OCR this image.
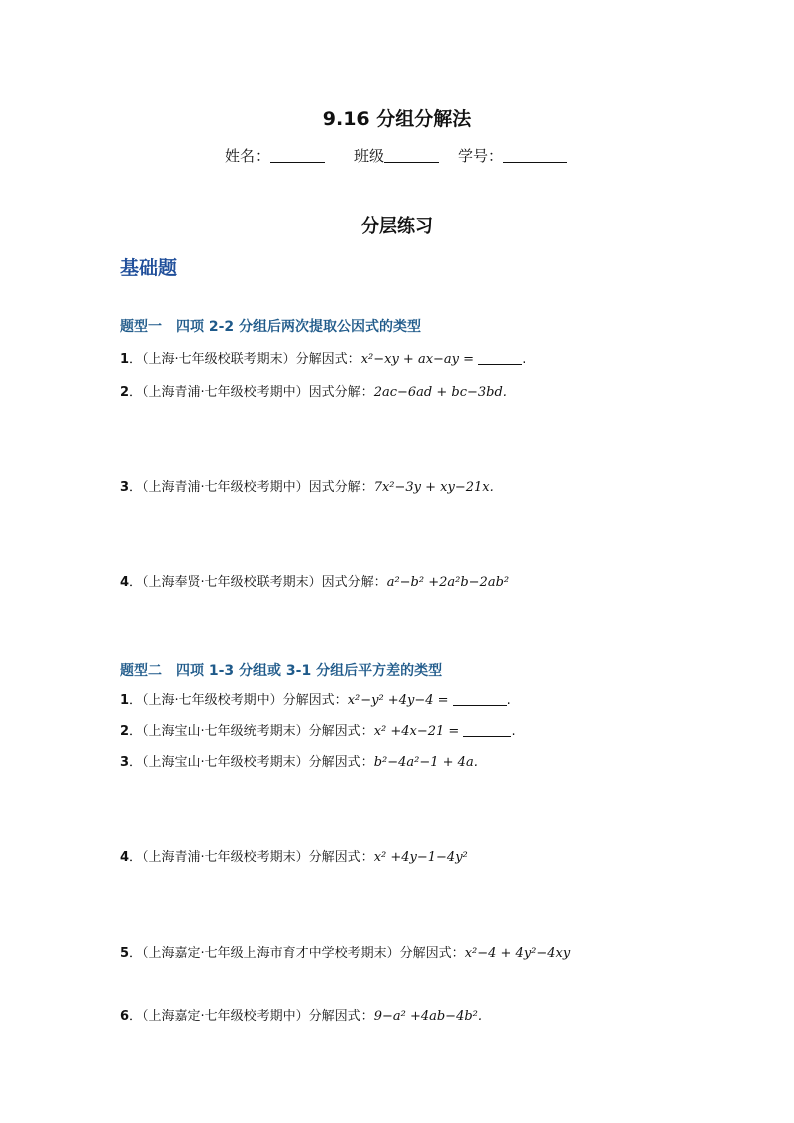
9.16 分组分解法
姓名：	班级	学号：
分层练习
基础题
题型一　四项 2-2 分组后两次提取公因式的类型
1．（上海·七年级校联考期末）分解因式：x²−xy + ax−ay =	.
2．（上海青浦·七年级校考期中）因式分解：2ac−6ad + bc−3bd.
3．（上海青浦·七年级校考期中）因式分解：7x²−3y + xy−21x.
4．（上海奉贤·七年级校联考期末）因式分解：a²−b² +2a²b−2ab²
题型二　四项 1-3 分组或 3-1 分组后平方差的类型
1．（上海·七年级校考期中）分解因式：x²−y² +4y−4 =	.
2．（上海宝山·七年级统考期末）分解因式：x² +4x−21 =	.
3．（上海宝山·七年级校考期末）分解因式：b²−4a²−1 + 4a.
4．（上海青浦·七年级校考期末）分解因式：x² +4y−1−4y²
5．（上海嘉定·七年级上海市育才中学校考期末）分解因式：x²−4 + 4y²−4xy
6．（上海嘉定·七年级校考期中）分解因式：9−a² +4ab−4b².
